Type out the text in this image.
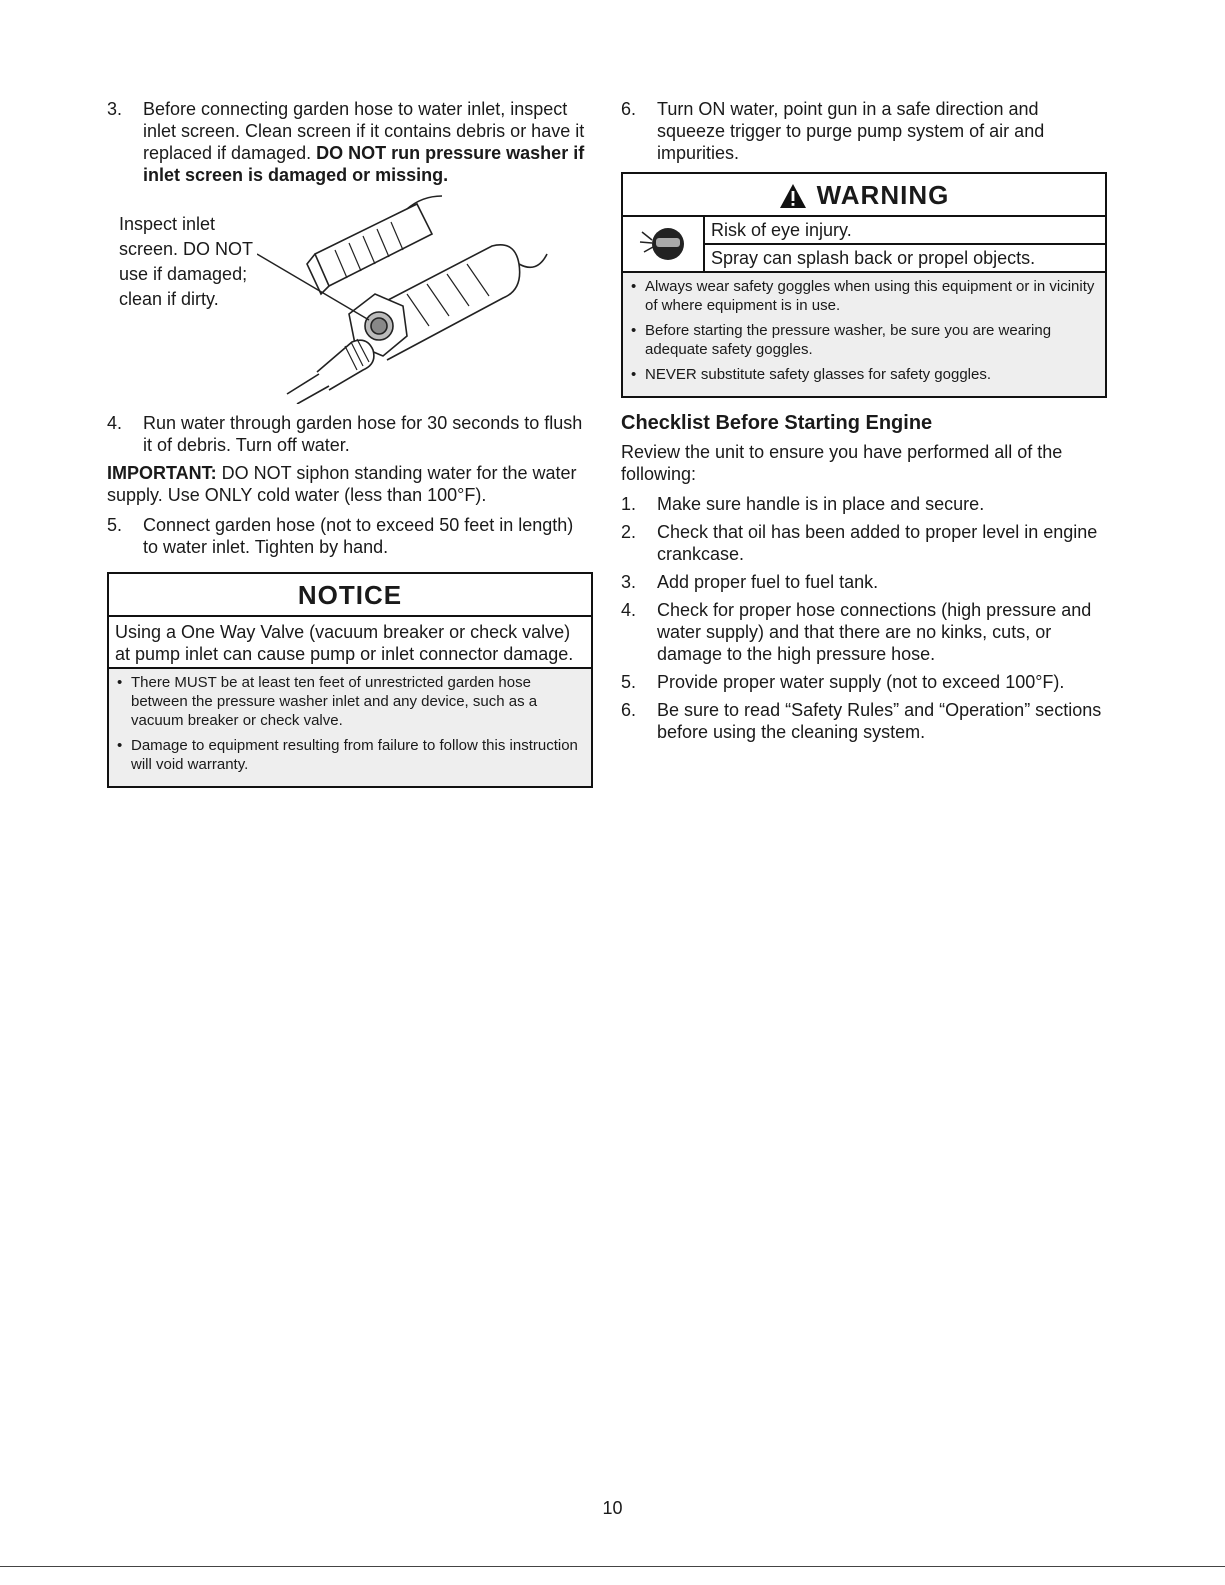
3.	Before connecting garden hose to water inlet, inspect inlet screen. Clean screen if it contains debris or have it replaced if damaged. DO NOT run pressure washer if inlet screen is damaged or missing.
Inspect inlet screen. DO NOT use if damaged; clean if dirty.
4.	Run water through garden hose for 30 seconds to flush it of debris. Turn off water.
IMPORTANT: DO NOT siphon standing water for the water supply. Use ONLY cold water (less than 100°F).
5.	Connect garden hose (not to exceed 50 feet in length) to water inlet. Tighten by hand.
NOTICE
Using a One Way Valve (vacuum breaker or check valve) at pump inlet can cause pump or inlet connector damage.
• There MUST be at least ten feet of unrestricted garden hose between the pressure washer inlet and any device, such as a vacuum breaker or check valve.
• Damage to equipment resulting from failure to follow this instruction will void warranty.
6.	Turn ON water, point gun in a safe direction and squeeze trigger to purge pump system of air and impurities.
WARNING
Risk of eye injury.
Spray can splash back or propel objects.
• Always wear safety goggles when using this equipment or in vicinity of where equipment is in use.
• Before starting the pressure washer, be sure you are wearing adequate safety goggles.
• NEVER substitute safety glasses for safety goggles.
Checklist Before Starting Engine
Review the unit to ensure you have performed all of the following:
1.	Make sure handle is in place and secure.
2.	Check that oil has been added to proper level in engine crankcase.
3.	Add proper fuel to fuel tank.
4.	Check for proper hose connections (high pressure and water supply) and that there are no kinks, cuts, or damage to the high pressure hose.
5.	Provide proper water supply (not to exceed 100°F).
6.	Be sure to read “Safety Rules” and “Operation” sections before using the cleaning system.
10
